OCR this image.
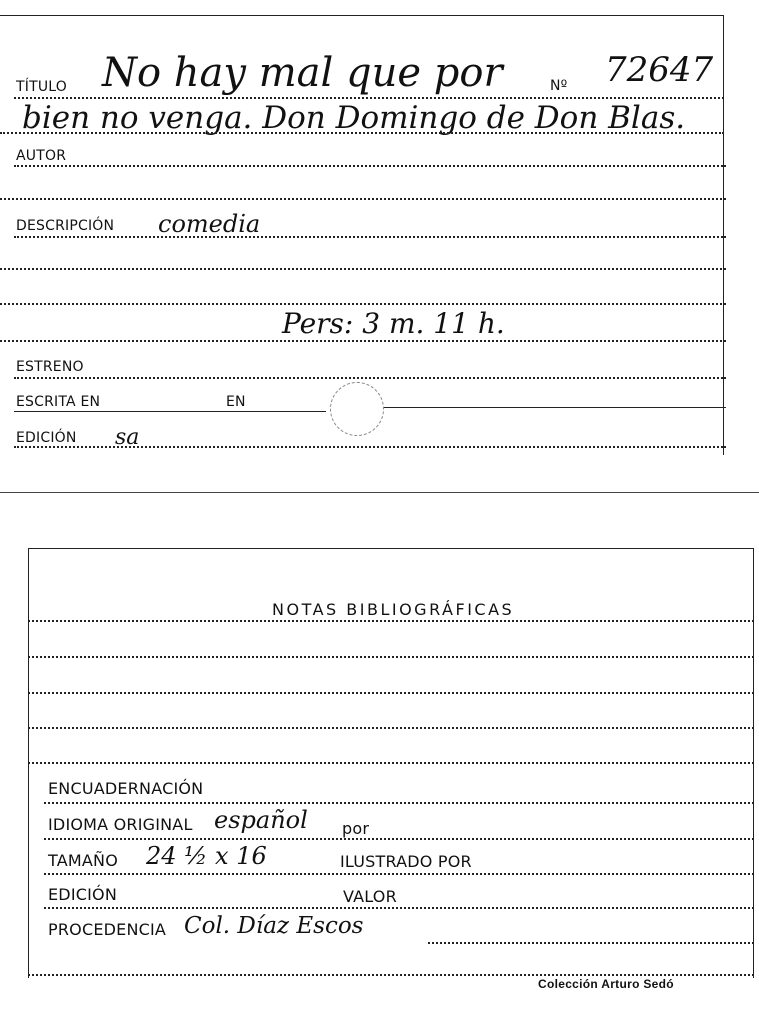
TÍTULO No hay mal que por	Nº 72647
bien no venga. Don Domingo de Don Blas.
AUTOR
DESCRIPCIÓN comedia
Pers: 3 m. 11 h.
ESTRENO
ESCRITA EN	EN
EDICIÓN sa
NOTAS BIBLIOGRÁFICAS
ENCUADERNACIÓN
IDIOMA ORIGINAL español por
TAMAÑO 24 ½ x 16	ILUSTRADO POR
EDICIÓN	VALOR
PROCEDENCIA Col. Díaz Escos
Colección Arturo Sedó
